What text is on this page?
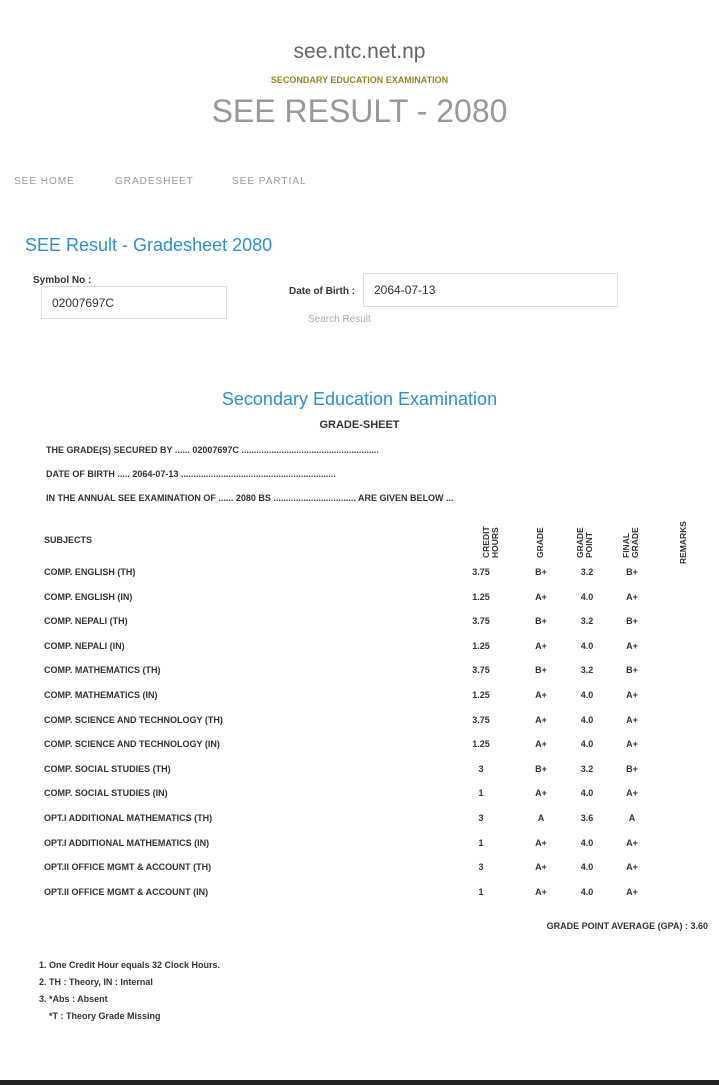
see.ntc.net.np
SECONDARY EDUCATION EXAMINATION
SEE RESULT - 2080
SEE HOME	GRADESHEET	SEE PARTIAL
SEE Result - Gradesheet 2080
Symbol No :
02007697C
Date of Birth :	2064-07-13
Search Result
Secondary Education Examination
GRADE-SHEET
THE GRADE(S) SECURED BY ...... 02007697C .......................................................
DATE OF BIRTH ..... 2064-07-13 ..............................................................
IN THE ANNUAL SEE EXAMINATION OF ...... 2080 BS ................................. ARE GIVEN BELOW ...
SUBJECTS	CREDIT HOURS	GRADE	GRADE POINT	FINAL GRADE	REMARKS
COMP. ENGLISH (TH)	3.75	B+	3.2	B+
COMP. ENGLISH (IN)	1.25	A+	4.0	A+
COMP. NEPALI (TH)	3.75	B+	3.2	B+
COMP. NEPALI (IN)	1.25	A+	4.0	A+
COMP. MATHEMATICS (TH)	3.75	B+	3.2	B+
COMP. MATHEMATICS (IN)	1.25	A+	4.0	A+
COMP. SCIENCE AND TECHNOLOGY (TH)	3.75	A+	4.0	A+
COMP. SCIENCE AND TECHNOLOGY (IN)	1.25	A+	4.0	A+
COMP. SOCIAL STUDIES (TH)	3	B+	3.2	B+
COMP. SOCIAL STUDIES (IN)	1	A+	4.0	A+
OPT.I ADDITIONAL MATHEMATICS (TH)	3	A	3.6	A
OPT.I ADDITIONAL MATHEMATICS (IN)	1	A+	4.0	A+
OPT.II OFFICE MGMT & ACCOUNT (TH)	3	A+	4.0	A+
OPT.II OFFICE MGMT & ACCOUNT (IN)	1	A+	4.0	A+
GRADE POINT AVERAGE (GPA) : 3.60
1. One Credit Hour equals 32 Clock Hours.
2. TH : Theory, IN : Internal
3. *Abs : Absent
*T : Theory Grade Missing
